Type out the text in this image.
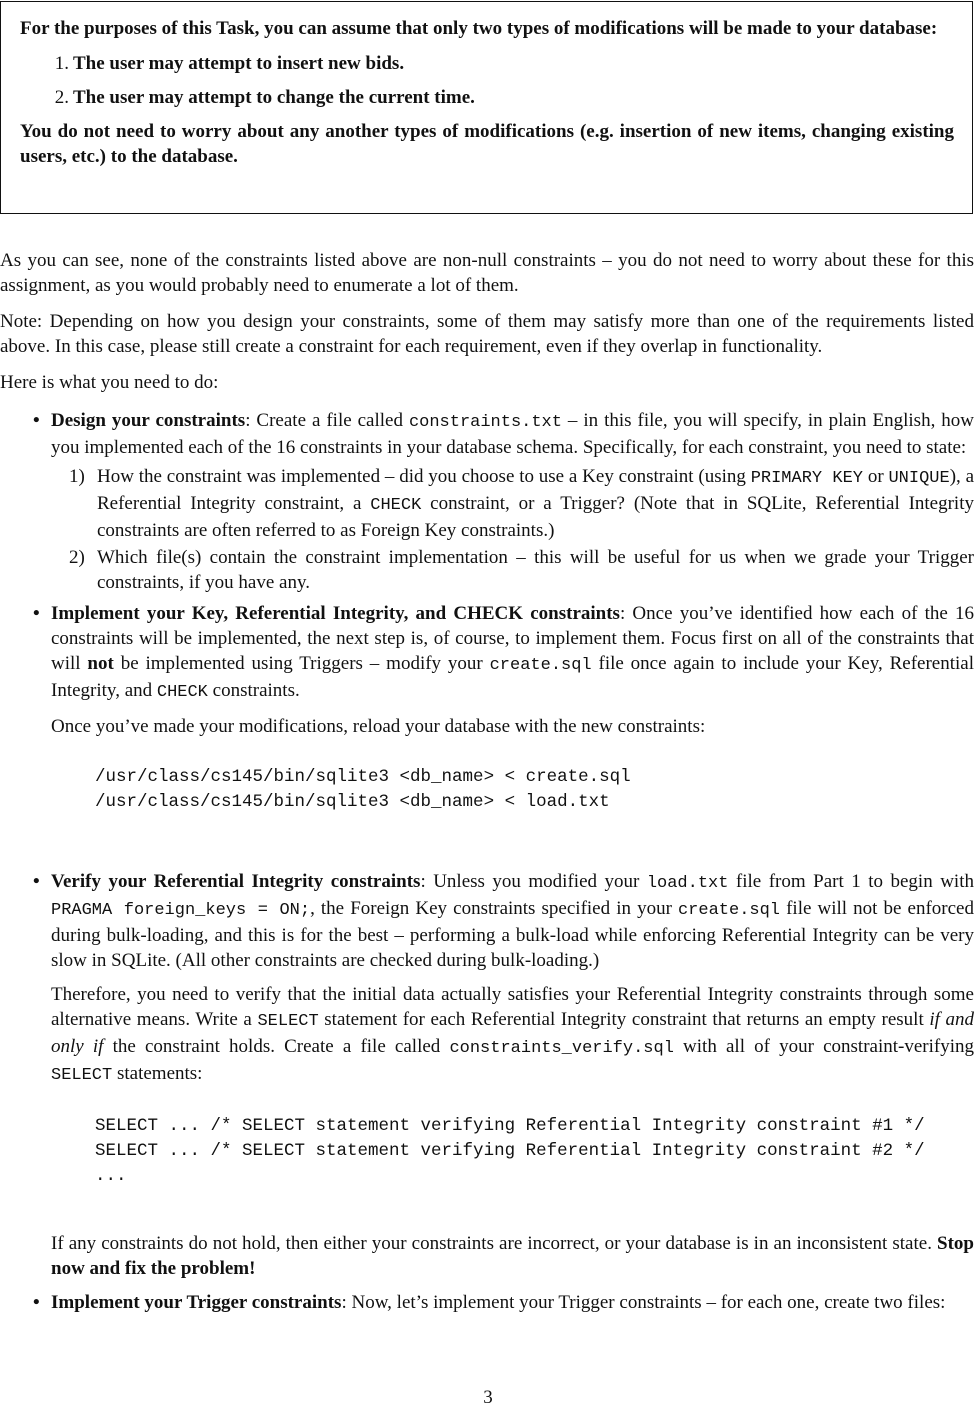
For the purposes of this Task, you can assume that only two types of modifications will be made to your database:

1. The user may attempt to insert new bids.
2. The user may attempt to change the current time.

You do not need to worry about any another types of modifications (e.g. insertion of new items, changing existing users, etc.) to the database.

As you can see, none of the constraints listed above are non-null constraints – you do not need to worry about these for this assignment, as you would probably need to enumerate a lot of them.

Note: Depending on how you design your constraints, some of them may satisfy more than one of the requirements listed above. In this case, please still create a constraint for each requirement, even if they overlap in functionality.

Here is what you need to do:

• Design your constraints: Create a file called constraints.txt – in this file, you will specify, in plain English, how you implemented each of the 16 constraints in your database schema. Specifically, for each constraint, you need to state:

1) How the constraint was implemented – did you choose to use a Key constraint (using PRIMARY KEY or UNIQUE), a Referential Integrity constraint, a CHECK constraint, or a Trigger? (Note that in SQLite, Referential Integrity constraints are often referred to as Foreign Key constraints.)
2) Which file(s) contain the constraint implementation – this will be useful for us when we grade your Trigger constraints, if you have any.

• Implement your Key, Referential Integrity, and CHECK constraints: Once you’ve identified how each of the 16 constraints will be implemented, the next step is, of course, to implement them. Focus first on all of the constraints that will not be implemented using Triggers – modify your create.sql file once again to include your Key, Referential Integrity, and CHECK constraints.

Once you’ve made your modifications, reload your database with the new constraints:

/usr/class/cs145/bin/sqlite3 <db_name> < create.sql
/usr/class/cs145/bin/sqlite3 <db_name> < load.txt

• Verify your Referential Integrity constraints: Unless you modified your load.txt file from Part 1 to begin with PRAGMA foreign_keys = ON;, the Foreign Key constraints specified in your create.sql file will not be enforced during bulk-loading, and this is for the best – performing a bulk-load while enforcing Referential Integrity can be very slow in SQLite. (All other constraints are checked during bulk-loading.)

Therefore, you need to verify that the initial data actually satisfies your Referential Integrity constraints through some alternative means. Write a SELECT statement for each Referential Integrity constraint that returns an empty result if and only if the constraint holds. Create a file called constraints_verify.sql with all of your constraint-verifying SELECT statements:

SELECT ... /* SELECT statement verifying Referential Integrity constraint #1 */
SELECT ... /* SELECT statement verifying Referential Integrity constraint #2 */
...

If any constraints do not hold, then either your constraints are incorrect, or your database is in an inconsistent state. Stop now and fix the problem!

• Implement your Trigger constraints: Now, let’s implement your Trigger constraints – for each one, create two files:

3
